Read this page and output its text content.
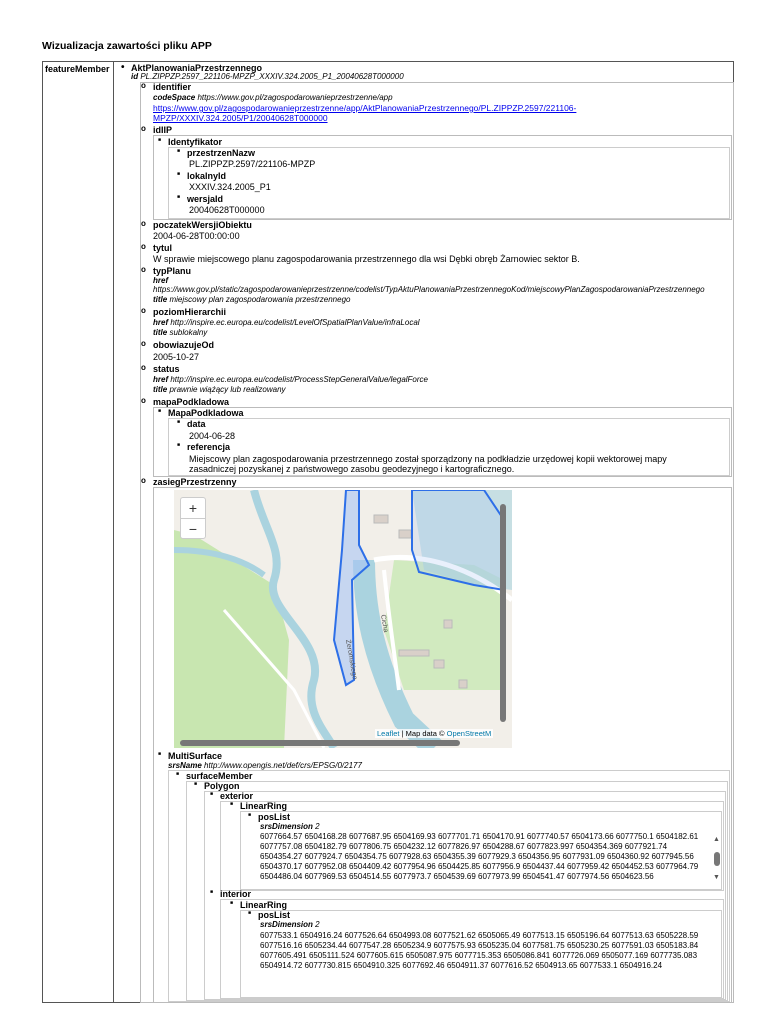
Wizualizacja zawartości pliku APP
featureMember
• AktPlanowaniaPrzestrzennego
id PL.ZIPPZP.2597_221106-MPZP_XXXIV.324.2005_P1_20040628T000000
o identifier
codeSpace https://www.gov.pl/zagospodarowanieprzestrzenne/app
https://www.gov.pl/zagospodarowanieprzestrzenne/app/AktPlanowaniaPrzestrzennego/PL.ZIPPZP.2597/221106-
MPZP/XXXIV.324.2005/P1/20040628T000000
o idIIP
■ Identyfikator
■ przestrzenNazw
PL.ZIPPZP.2597/221106-MPZP
■ lokalnyId
XXXIV.324.2005_P1
■ wersjaId
20040628T000000
o poczatekWersjiObiektu
2004-06-28T00:00:00
o tytul
W sprawie miejscowego planu zagospodarowania przestrzennego dla wsi Dębki obręb Żarnowiec sektor B.
o typPlanu
href
https://www.gov.pl/static/zagospodarowanieprzestrzenne/codelist/TypAktuPlanowaniaPrzestrzennegoKod/miejscowyPlanZagospodarowaniaPrzestrzennego
title miejscowy plan zagospodarowania przestrzennego
o poziomHierarchii
href http://inspire.ec.europa.eu/codelist/LevelOfSpatialPlanValue/infraLocal
title sublokalny
o obowiazujeOd
2005-10-27
o status
href http://inspire.ec.europa.eu/codelist/ProcessStepGeneralValue/legalForce
title prawnie wiążący lub realizowany
o mapaPodkladowa
■ MapaPodkladowa
■ data
2004-06-28
■ referencja
Miejscowy plan zagospodarowania przestrzennego został sporządzony na podkładzie urzędowej kopii wektorowej mapy
zasadniczej pozyskanej z państwowego zasobu geodezyjnego i kartograficznego.
o zasiegPrzestrzenny
Żeromskiego
Cicha
+
−
Leaflet | Map data © OpenStreetM
■ MultiSurface
srsName http://www.opengis.net/def/crs/EPSG/0/2177
■ surfaceMember
■ Polygon
■ exterior
■ LinearRing
■ posList
srsDimension 2
6077664.57 6504168.28 6077687.95 6504169.93 6077701.71 6504170.91 6077740.57 6504173.66 6077750.1 6504182.61 6077757.08 6504182.79 6077806.75 6504232.12 6077826.97 6504288.67 6077823.997 6504354.369 6077921.74 6504354.27 6077924.7 6504354.75 6077928.63 6504355.39 6077929.3 6504356.95 6077931.09 6504360.92 6077945.56 6504370.17 6077952.08 6504409.42 6077954.96 6504425.85 6077956.9 6504437.44 6077959.42 6504452.53 6077964.79 6504486.04 6077969.53 6504514.55 6077973.7 6504539.69 6077973.99 6504541.47 6077974.56 6504623.56
▲
▼
■ interior
■ LinearRing
■ posList
srsDimension 2
6077533.1 6504916.24 6077526.64 6504993.08 6077521.62 6505065.49 6077513.15 6505196.64 6077513.63 6505228.59 6077516.16 6505234.44 6077547.28 6505234.9 6077575.93 6505235.04 6077581.75 6505230.25 6077591.03 6505183.84 6077605.491 6505111.524 6077605.615 6505087.975 6077715.353 6505086.841 6077726.069 6505077.169 6077735.083 6504914.72 6077730.815 6504910.325 6077692.46 6504911.37 6077616.52 6504913.65 6077533.1 6504916.24
